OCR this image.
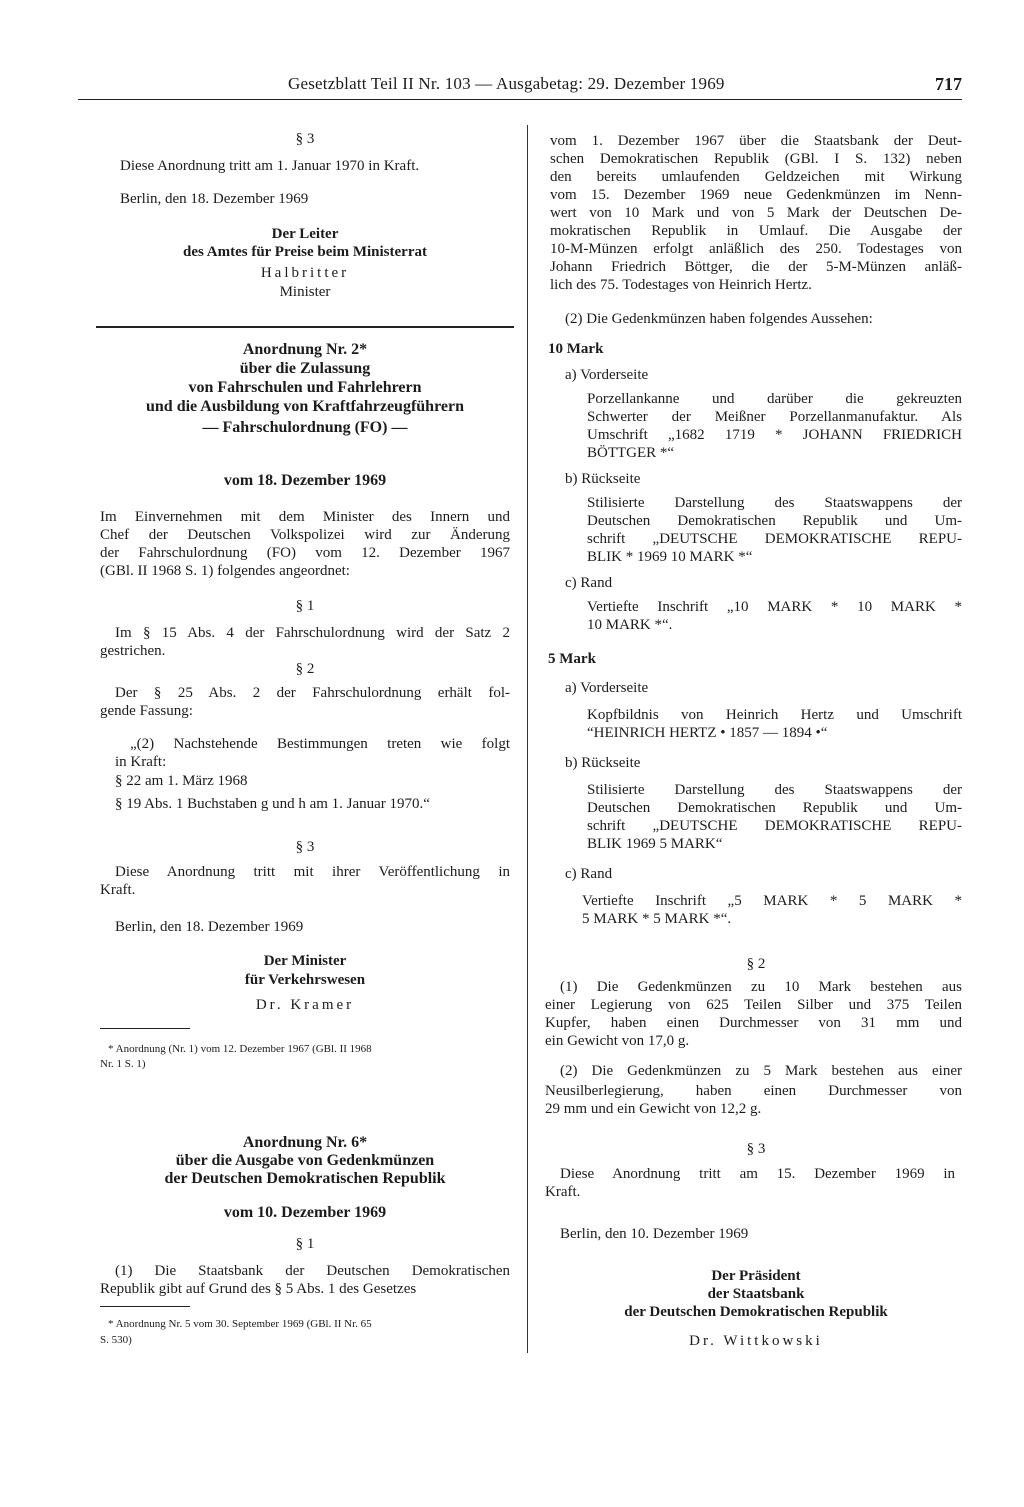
Gesetzblatt Teil II Nr. 103 — Ausgabetag: 29. Dezember 1969	717
§ 3
Diese Anordnung tritt am 1. Januar 1970 in Kraft.
Berlin, den 18. Dezember 1969
Der Leiter
des Amtes für Preise beim Ministerrat
Halbritter
Minister
Anordnung Nr. 2*
über die Zulassung
von Fahrschulen und Fahrlehrern
und die Ausbildung von Kraftfahrzeugführern
— Fahrschulordnung (FO) —
vom 18. Dezember 1969
Im Einvernehmen mit dem Minister des Innern und
Chef der Deutschen Volkspolizei wird zur Änderung
der Fahrschulordnung (FO) vom 12. Dezember 1967
(GBl. II 1968 S. 1) folgendes angeordnet:
§ 1
Im § 15 Abs. 4 der Fahrschulordnung wird der Satz 2
gestrichen.
§ 2
Der § 25 Abs. 2 der Fahrschulordnung erhält fol-
gende Fassung:
„(2) Nachstehende Bestimmungen treten wie folgt
in Kraft:
§ 22 am 1. März 1968
§ 19 Abs. 1 Buchstaben g und h am 1. Januar 1970.“
§ 3
Diese Anordnung tritt mit ihrer Veröffentlichung in
Kraft.
Berlin, den 18. Dezember 1969
Der Minister
für Verkehrswesen
Dr. Kramer
* Anordnung (Nr. 1) vom 12. Dezember 1967 (GBl. II 1968
Nr. 1 S. 1)
Anordnung Nr. 6*
über die Ausgabe von Gedenkmünzen
der Deutschen Demokratischen Republik
vom 10. Dezember 1969
§ 1
(1) Die Staatsbank der Deutschen Demokratischen
Republik gibt auf Grund des § 5 Abs. 1 des Gesetzes
* Anordnung Nr. 5 vom 30. September 1969 (GBl. II Nr. 65
S. 530)
vom 1. Dezember 1967 über die Staatsbank der Deut-
schen Demokratischen Republik (GBl. I S. 132) neben
den bereits umlaufenden Geldzeichen mit Wirkung
vom 15. Dezember 1969 neue Gedenkmünzen im Nenn-
wert von 10 Mark und von 5 Mark der Deutschen De-
mokratischen Republik in Umlauf. Die Ausgabe der
10-M-Münzen erfolgt anläßlich des 250. Todestages von
Johann Friedrich Böttger, die der 5-M-Münzen anläß-
lich des 75. Todestages von Heinrich Hertz.
(2) Die Gedenkmünzen haben folgendes Aussehen:
10 Mark
a) Vorderseite
Porzellankanne und darüber die gekreuzten
Schwerter der Meißner Porzellanmanufaktur. Als
Umschrift „1682 1719 * JOHANN FRIEDRICH
BÖTTGER *“
b) Rückseite
Stilisierte Darstellung des Staatswappens der
Deutschen Demokratischen Republik und Um-
schrift „DEUTSCHE DEMOKRATISCHE REPU-
BLIK * 1969 10 MARK *“
c) Rand
Vertiefte Inschrift „10 MARK * 10 MARK *
10 MARK *“.
5 Mark
a) Vorderseite
Kopfbildnis von Heinrich Hertz und Umschrift
“HEINRICH HERTZ • 1857 — 1894 •“
b) Rückseite
Stilisierte Darstellung des Staatswappens der
Deutschen Demokratischen Republik und Um-
schrift „DEUTSCHE DEMOKRATISCHE REPU-
BLIK 1969 5 MARK“
c) Rand
Vertiefte Inschrift „5 MARK * 5 MARK *
5 MARK * 5 MARK *“.
§ 2
(1) Die Gedenkmünzen zu 10 Mark bestehen aus
einer Legierung von 625 Teilen Silber und 375 Teilen
Kupfer, haben einen Durchmesser von 31 mm und
ein Gewicht von 17,0 g.
(2) Die Gedenkmünzen zu 5 Mark bestehen aus einer
Neusilberlegierung, haben einen Durchmesser von
29 mm und ein Gewicht von 12,2 g.
§ 3
Diese Anordnung tritt am 15. Dezember 1969 in
Kraft.
Berlin, den 10. Dezember 1969
Der Präsident
der Staatsbank
der Deutschen Demokratischen Republik
Dr. Wittkowski
